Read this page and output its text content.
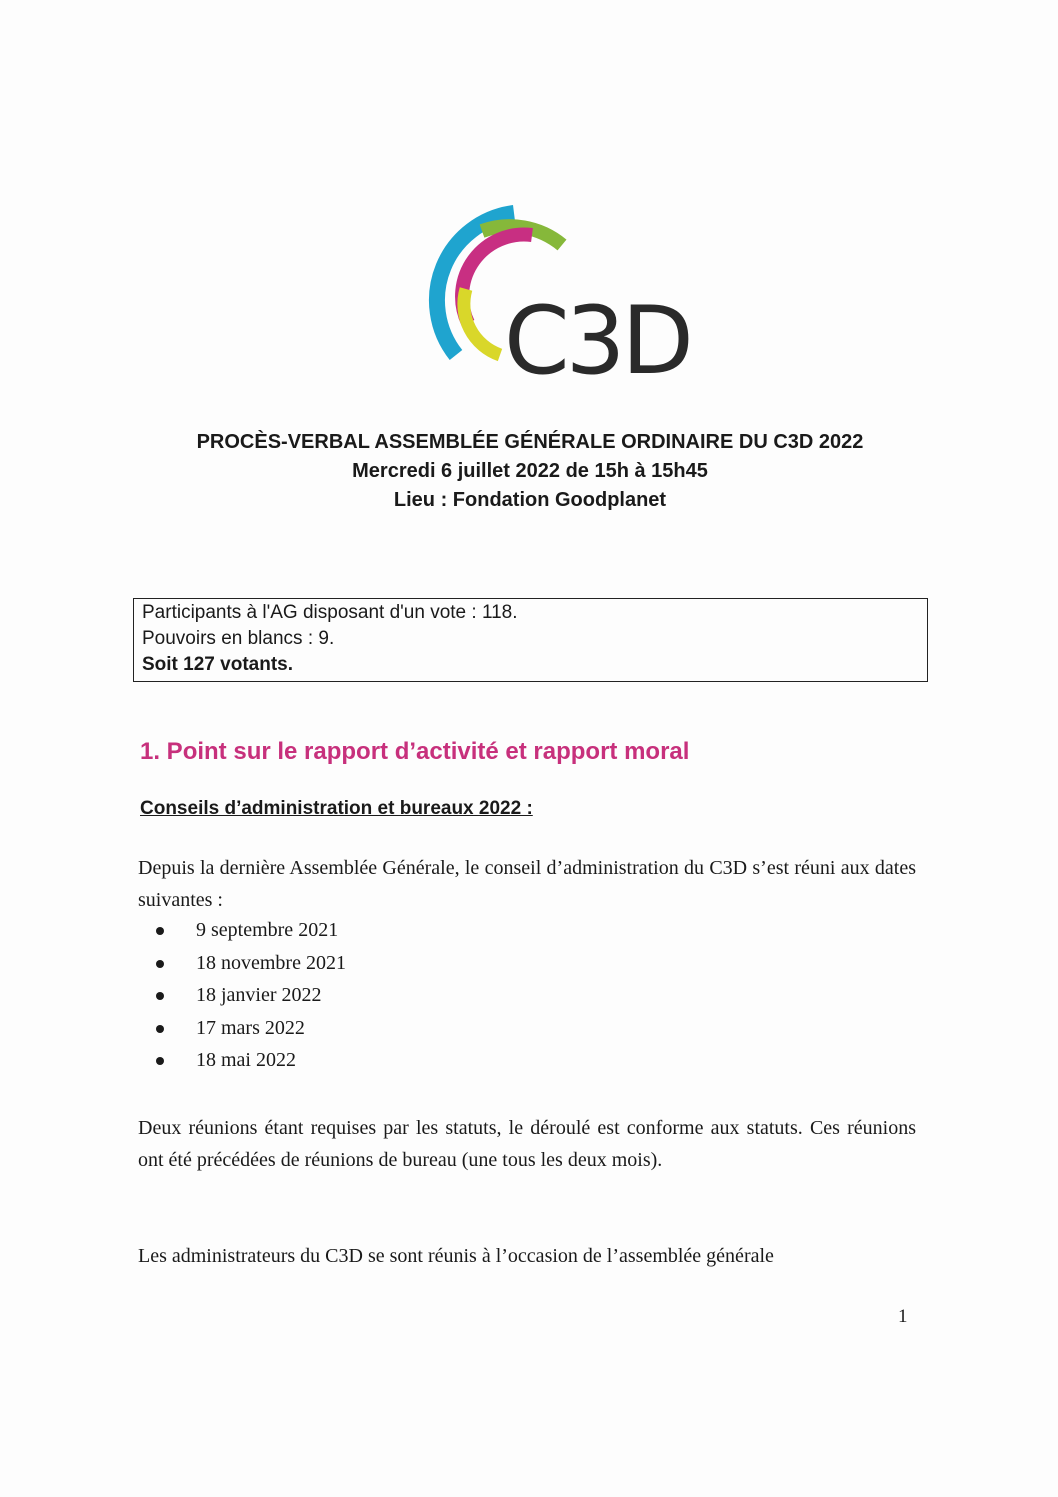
C3D
PROCÈS-VERBAL ASSEMBLÉE GÉNÉRALE ORDINAIRE DU C3D 2022
Mercredi 6 juillet 2022 de 15h à 15h45
Lieu : Fondation Goodplanet
Participants à l'AG disposant d'un vote : 118.
Pouvoirs en blancs : 9.
Soit 127 votants.
1. Point sur le rapport d’activité et rapport moral
Conseils d’administration et bureaux 2022 :
Depuis la dernière Assemblée Générale, le conseil d’administration du C3D s’est réuni aux dates suivantes :
9 septembre 2021
18 novembre 2021
18 janvier 2022
17 mars 2022
18 mai 2022
Deux réunions étant requises par les statuts, le déroulé est conforme aux statuts. Ces réunions ont été précédées de réunions de bureau (une tous les deux mois).
Les administrateurs du C3D se sont réunis à l’occasion de l’assemblée générale
1
